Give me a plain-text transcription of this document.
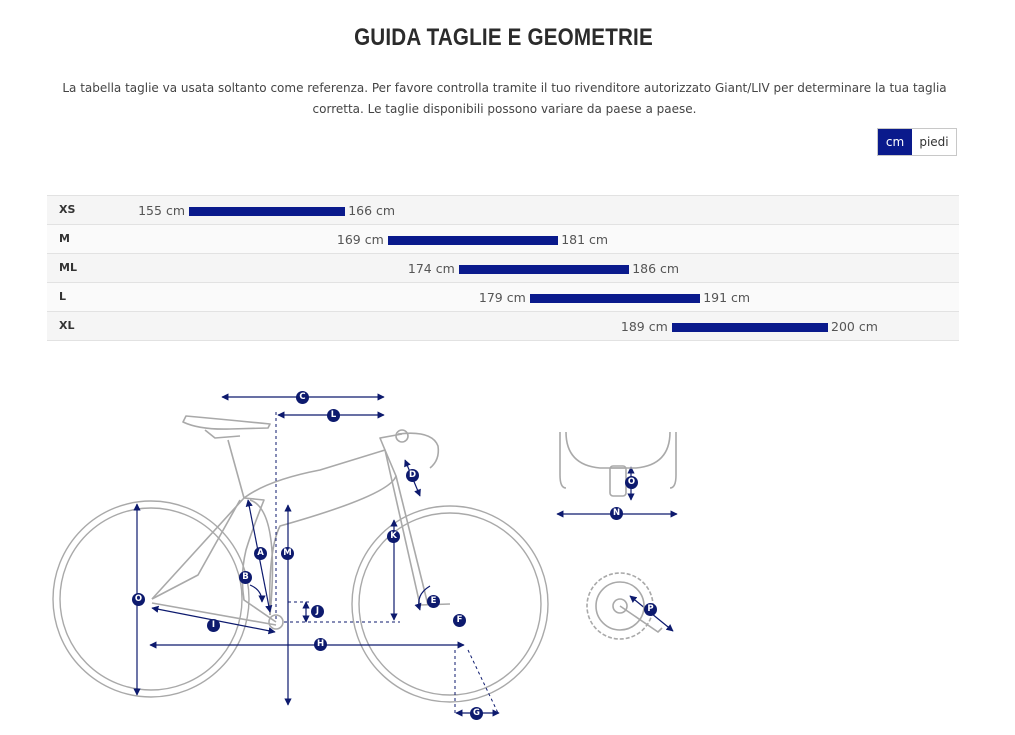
GUIDA TAGLIE E GEOMETRIE
La tabella taglie va usata soltanto come referenza. Per favore controlla tramite il tuo rivenditore autorizzato Giant/LIV per determinare la tua taglia corretta. Le taglie disponibili possono variare da paese a paese.
cm	piedi
XS	155 cm	166 cm
M	169 cm	181 cm
ML	174 cm	186 cm
L	179 cm	191 cm
XL	189 cm	200 cm
C
L
D
K
A	M
B
O
J
I
E
F
H
G
O
N
P
